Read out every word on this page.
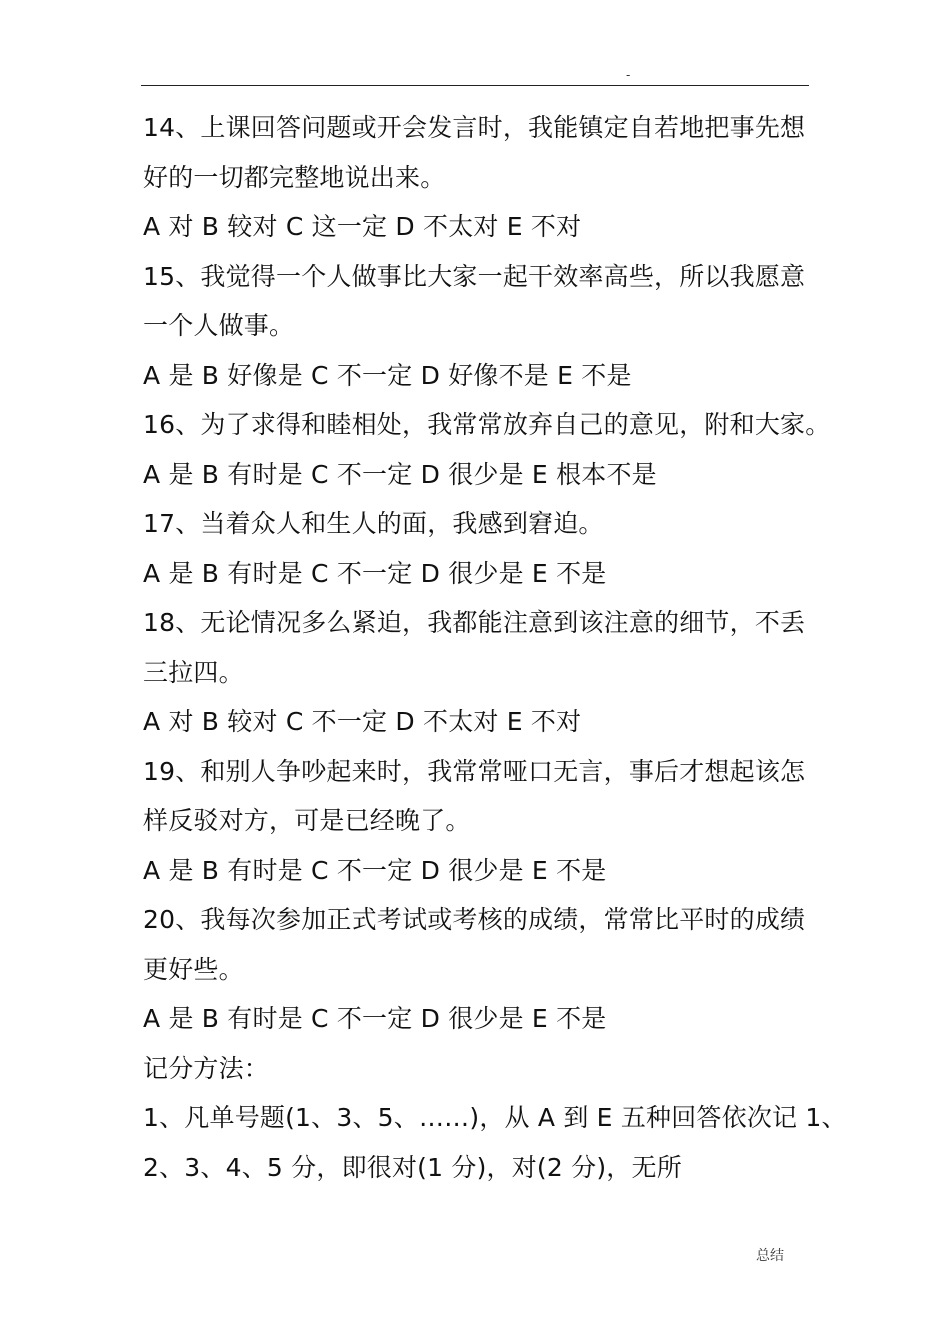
-
14、上课回答问题或开会发言时，我能镇定自若地把事先想
好的一切都完整地说出来。
A 对 B 较对 C 这一定 D 不太对 E 不对
15、我觉得一个人做事比大家一起干效率高些，所以我愿意
一个人做事。
A 是 B 好像是 C 不一定 D 好像不是 E 不是
16、为了求得和睦相处，我常常放弃自己的意见，附和大家。
A 是 B 有时是 C 不一定 D 很少是 E 根本不是
17、当着众人和生人的面，我感到窘迫。
A 是 B 有时是 C 不一定 D 很少是 E 不是
18、无论情况多么紧迫，我都能注意到该注意的细节，不丢
三拉四。
A 对 B 较对 C 不一定 D 不太对 E 不对
19、和别人争吵起来时，我常常哑口无言，事后才想起该怎
样反驳对方，可是已经晚了。
A 是 B 有时是 C 不一定 D 很少是 E 不是
20、我每次参加正式考试或考核的成绩，常常比平时的成绩
更好些。
A 是 B 有时是 C 不一定 D 很少是 E 不是
记分方法：
1、凡单号题(1、3、5、……)，从 A 到 E 五种回答依次记 1、
2、3、4、5 分，即很对(1 分)，对(2 分)，无所
总结
